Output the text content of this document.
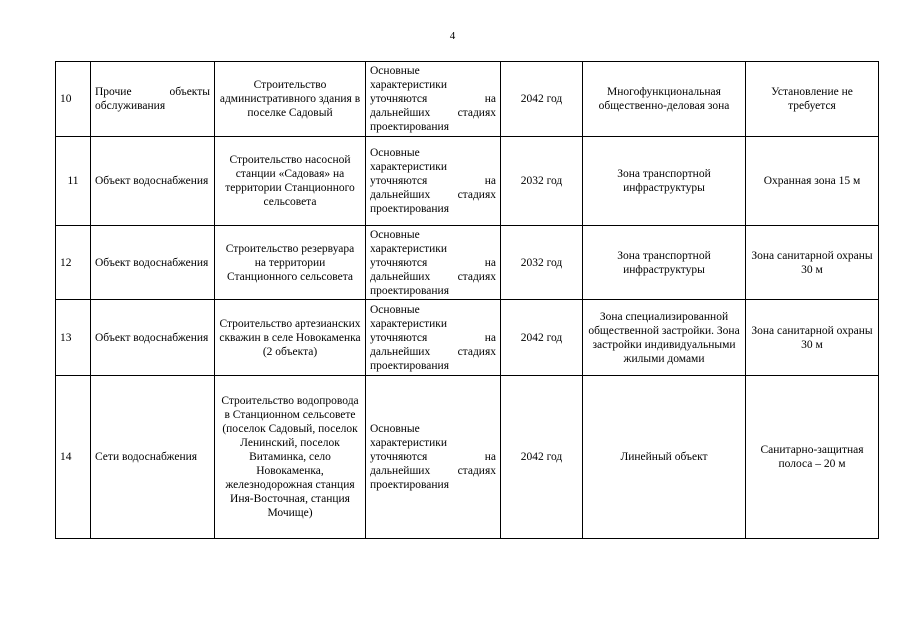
4
10	Прочие объекты обслуживания	Строительство административного здания в поселке Садовый	Основные характеристики уточняются на дальнейших стадиях проектирования	2042 год	Многофункциональная общественно-деловая зона	Установление не требуется
11	Объект водоснабжения	Строительство насосной станции «Садовая» на территории Станционного сельсовета	Основные характеристики уточняются на дальнейших стадиях проектирования	2032 год	Зона транспортной инфраструктуры	Охранная зона 15 м
12	Объект водоснабжения	Строительство резервуара на территории Станционного сельсовета	Основные характеристики уточняются на дальнейших стадиях проектирования	2032 год	Зона транспортной инфраструктуры	Зона санитарной охраны 30 м
13	Объект водоснабжения	Строительство артезианских скважин в селе Новокаменка (2 объекта)	Основные характеристики уточняются на дальнейших стадиях проектирования	2042 год	Зона специализированной общественной застройки. Зона застройки индивидуальными жилыми домами	Зона санитарной охраны 30 м
14	Сети водоснабжения	Строительство водопровода в Станционном сельсовете (поселок Садовый, поселок Ленинский, поселок Витаминка, село Новокаменка, железнодорожная станция Иня-Восточная, станция Мочище)	Основные характеристики уточняются на дальнейших стадиях проектирования	2042 год	Линейный объект	Санитарно-защитная полоса – 20 м
